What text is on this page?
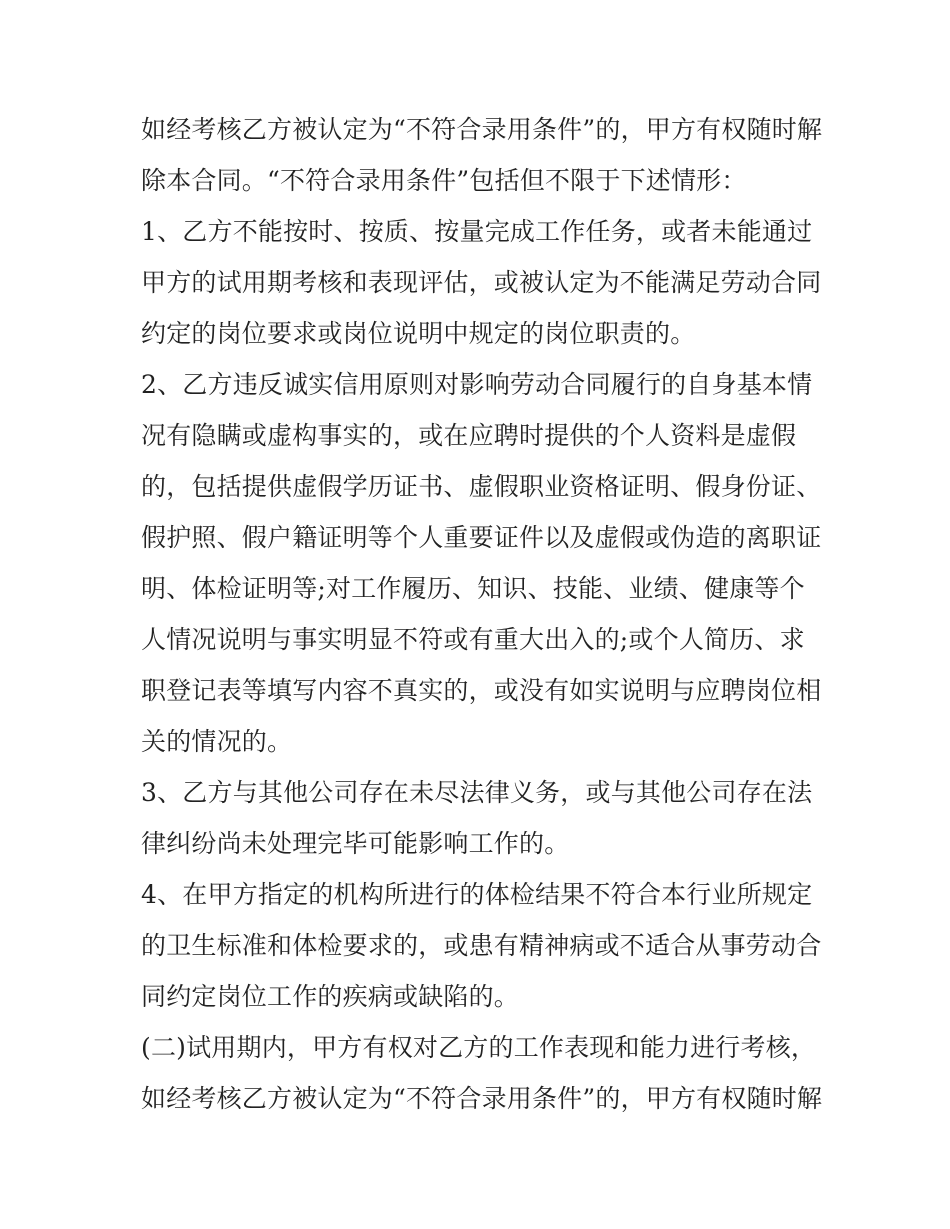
如经考核乙方被认定为“不符合录用条件”的，甲方有权随时解
除本合同。“不符合录用条件”包括但不限于下述情形：
1、乙方不能按时、按质、按量完成工作任务，或者未能通过
甲方的试用期考核和表现评估，或被认定为不能满足劳动合同
约定的岗位要求或岗位说明中规定的岗位职责的。
2、乙方违反诚实信用原则对影响劳动合同履行的自身基本情
况有隐瞒或虚构事实的，或在应聘时提供的个人资料是虚假
的，包括提供虚假学历证书、虚假职业资格证明、假身份证、
假护照、假户籍证明等个人重要证件以及虚假或伪造的离职证
明、体检证明等;对工作履历、知识、技能、业绩、健康等个
人情况说明与事实明显不符或有重大出入的;或个人简历、求
职登记表等填写内容不真实的，或没有如实说明与应聘岗位相
关的情况的。
3、乙方与其他公司存在未尽法律义务，或与其他公司存在法
律纠纷尚未处理完毕可能影响工作的。
4、在甲方指定的机构所进行的体检结果不符合本行业所规定
的卫生标准和体检要求的，或患有精神病或不适合从事劳动合
同约定岗位工作的疾病或缺陷的。
(二)试用期内，甲方有权对乙方的工作表现和能力进行考核，
如经考核乙方被认定为“不符合录用条件”的，甲方有权随时解
